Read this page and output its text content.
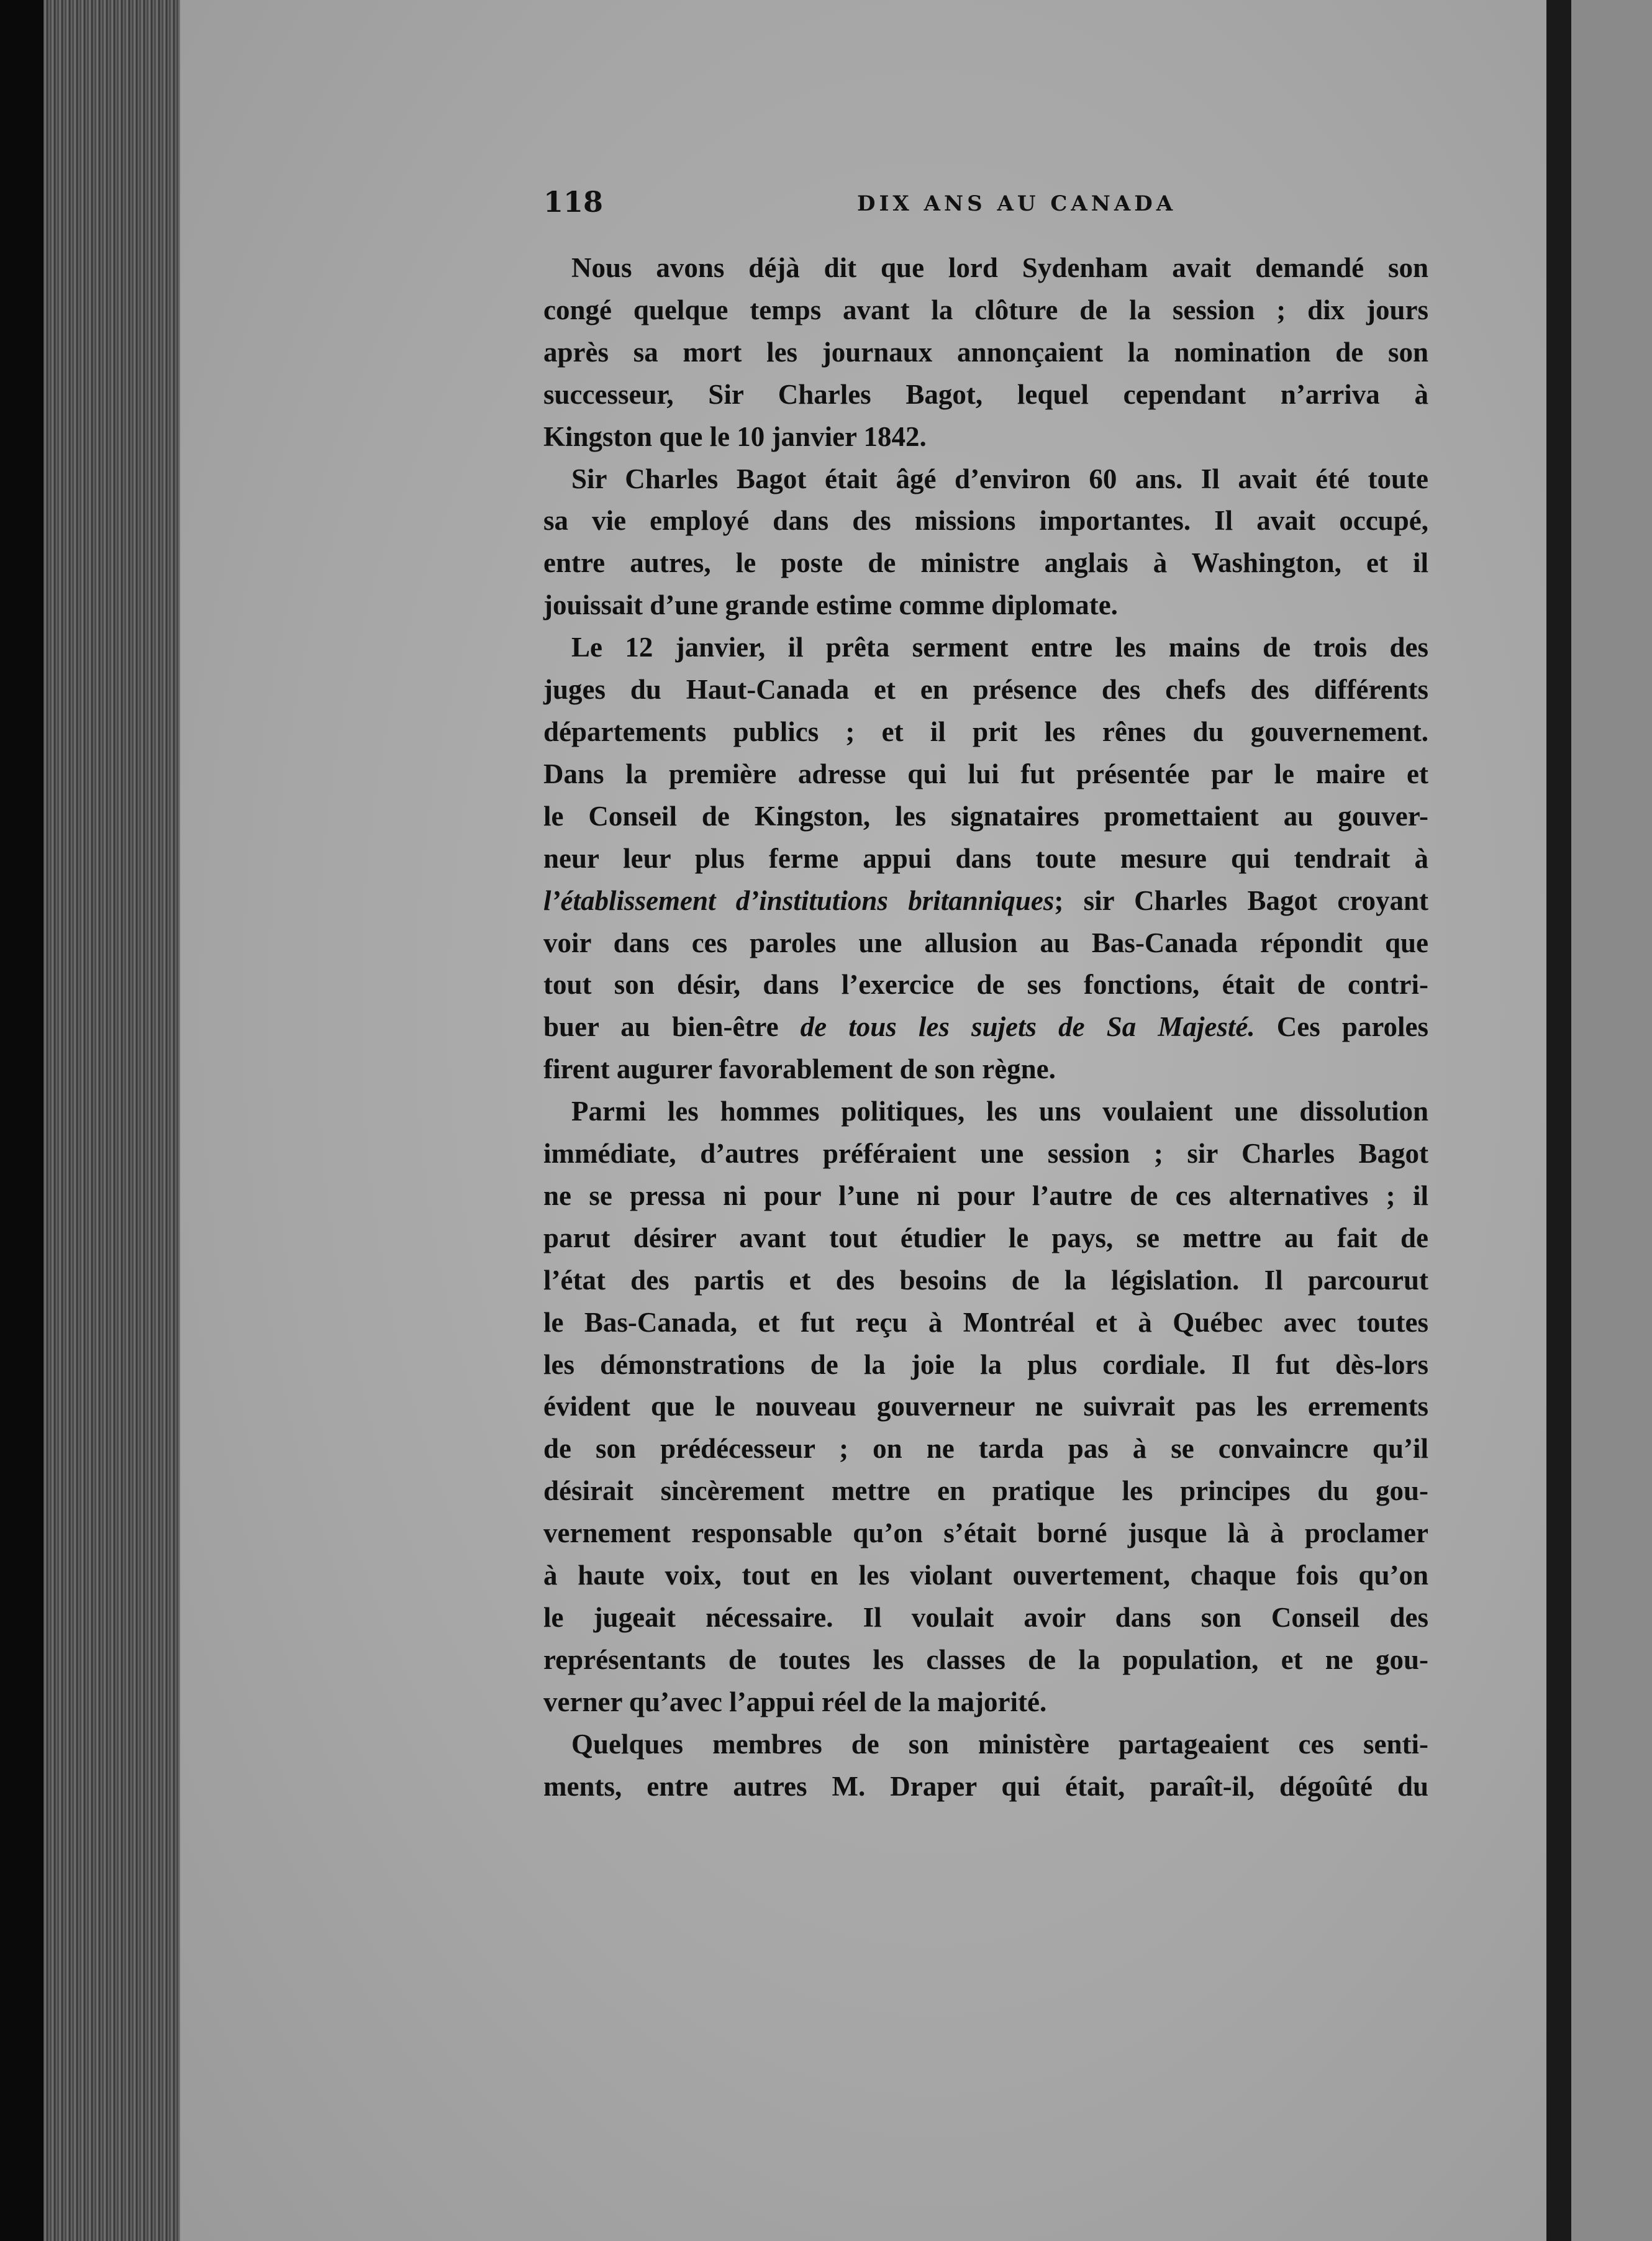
118	DIX ANS AU CANADA
Nous avons déjà dit que lord Sydenham avait demandé son
congé quelque temps avant la clôture de la session ; dix jours
après sa mort les journaux annonçaient la nomination de son
successeur, Sir Charles Bagot, lequel cependant n’arriva à
Kingston que le 10 janvier 1842.
Sir Charles Bagot était âgé d’environ 60 ans. Il avait été toute
sa vie employé dans des missions importantes. Il avait occupé,
entre autres, le poste de ministre anglais à Washington, et il
jouissait d’une grande estime comme diplomate.
Le 12 janvier, il prêta serment entre les mains de trois des
juges du Haut-Canada et en présence des chefs des différents
départements publics ; et il prit les rênes du gouvernement.
Dans la première adresse qui lui fut présentée par le maire et
le Conseil de Kingston, les signataires promettaient au gouver-
neur leur plus ferme appui dans toute mesure qui tendrait à
l’établissement d’institutions britanniques; sir Charles Bagot croyant
voir dans ces paroles une allusion au Bas-Canada répondit que
tout son désir, dans l’exercice de ses fonctions, était de contri-
buer au bien-être de tous les sujets de Sa Majesté. Ces paroles
firent augurer favorablement de son règne.
Parmi les hommes politiques, les uns voulaient une dissolution
immédiate, d’autres préféraient une session ; sir Charles Bagot
ne se pressa ni pour l’une ni pour l’autre de ces alternatives ; il
parut désirer avant tout étudier le pays, se mettre au fait de
l’état des partis et des besoins de la législation. Il parcourut
le Bas-Canada, et fut reçu à Montréal et à Québec avec toutes
les démonstrations de la joie la plus cordiale. Il fut dès-lors
évident que le nouveau gouverneur ne suivrait pas les errements
de son prédécesseur ; on ne tarda pas à se convaincre qu’il
désirait sincèrement mettre en pratique les principes du gou-
vernement responsable qu’on s’était borné jusque là à proclamer
à haute voix, tout en les violant ouvertement, chaque fois qu’on
le jugeait nécessaire. Il voulait avoir dans son Conseil des
représentants de toutes les classes de la population, et ne gou-
verner qu’avec l’appui réel de la majorité.
Quelques membres de son ministère partageaient ces senti-
ments, entre autres M. Draper qui était, paraît-il, dégoûté du
